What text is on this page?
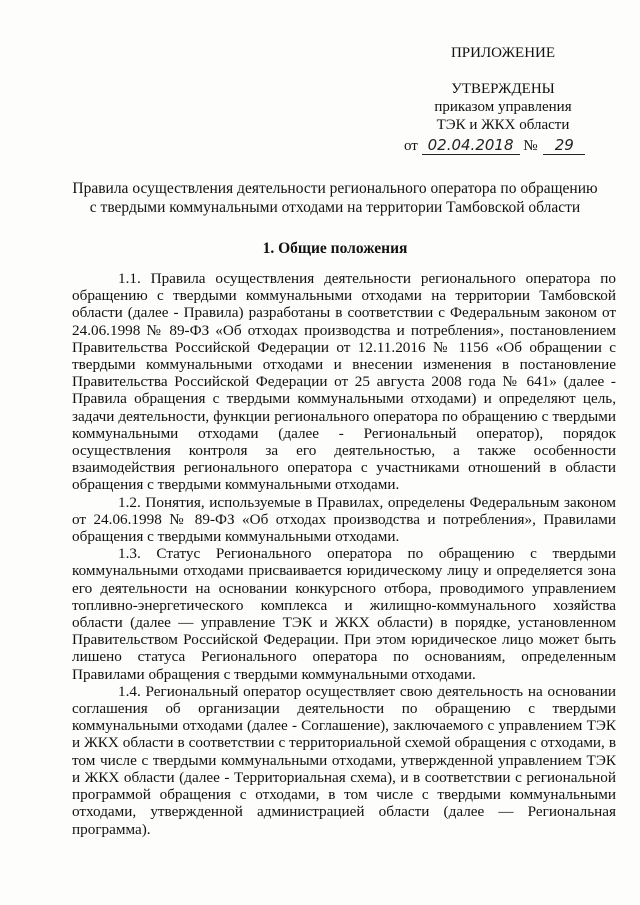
ПРИЛОЖЕНИЕ
УТВЕРЖДЕНЫ
приказом управления
ТЭК и ЖКХ области
от 02.04.2018 № 29
Правила осуществления деятельности регионального оператора по обращению с твердыми коммунальными отходами на территории Тамбовской области
1. Общие положения

1.1. Правила осуществления деятельности регионального оператора по обращению с твердыми коммунальными отходами на территории Тамбовской области (далее - Правила) разработаны в соответствии с Федеральным законом от 24.06.1998 № 89-ФЗ «Об отходах производства и потребления», постановлением Правительства Российской Федерации от 12.11.2016 № 1156 «Об обращении с твердыми коммунальными отходами и внесении изменения в постановление Правительства Российской Федерации от 25 августа 2008 года № 641» (далее - Правила обращения с твердыми коммунальными отходами) и определяют цель, задачи деятельности, функции регионального оператора по обращению с твердыми коммунальными отходами (далее - Региональный оператор), порядок осуществления контроля за его деятельностью, а также особенности взаимодействия регионального оператора с участниками отношений в области обращения с твердыми коммунальными отходами.

1.2. Понятия, используемые в Правилах, определены Федеральным законом от 24.06.1998 № 89-ФЗ «Об отходах производства и потребления», Правилами обращения с твердыми коммунальными отходами.

1.3. Статус Регионального оператора по обращению с твердыми коммунальными отходами присваивается юридическому лицу и определяется зона его деятельности на основании конкурсного отбора, проводимого управлением топливно-энергетического комплекса и жилищно-коммунального хозяйства области (далее — управление ТЭК и ЖКХ области) в порядке, установленном Правительством Российской Федерации. При этом юридическое лицо может быть лишено статуса Регионального оператора по основаниям, определенным Правилами обращения с твердыми коммунальными отходами.

1.4. Региональный оператор осуществляет свою деятельность на основании соглашения об организации деятельности по обращению с твердыми коммунальными отходами (далее - Соглашение), заключаемого с управлением ТЭК и ЖКХ области в соответствии с территориальной схемой обращения с отходами, в том числе с твердыми коммунальными отходами, утвержденной управлением ТЭК и ЖКХ области (далее - Территориальная схема), и в соответствии с региональной программой обращения с отходами, в том числе с твердыми коммунальными отходами, утвержденной администрацией области (далее — Региональная программа).
